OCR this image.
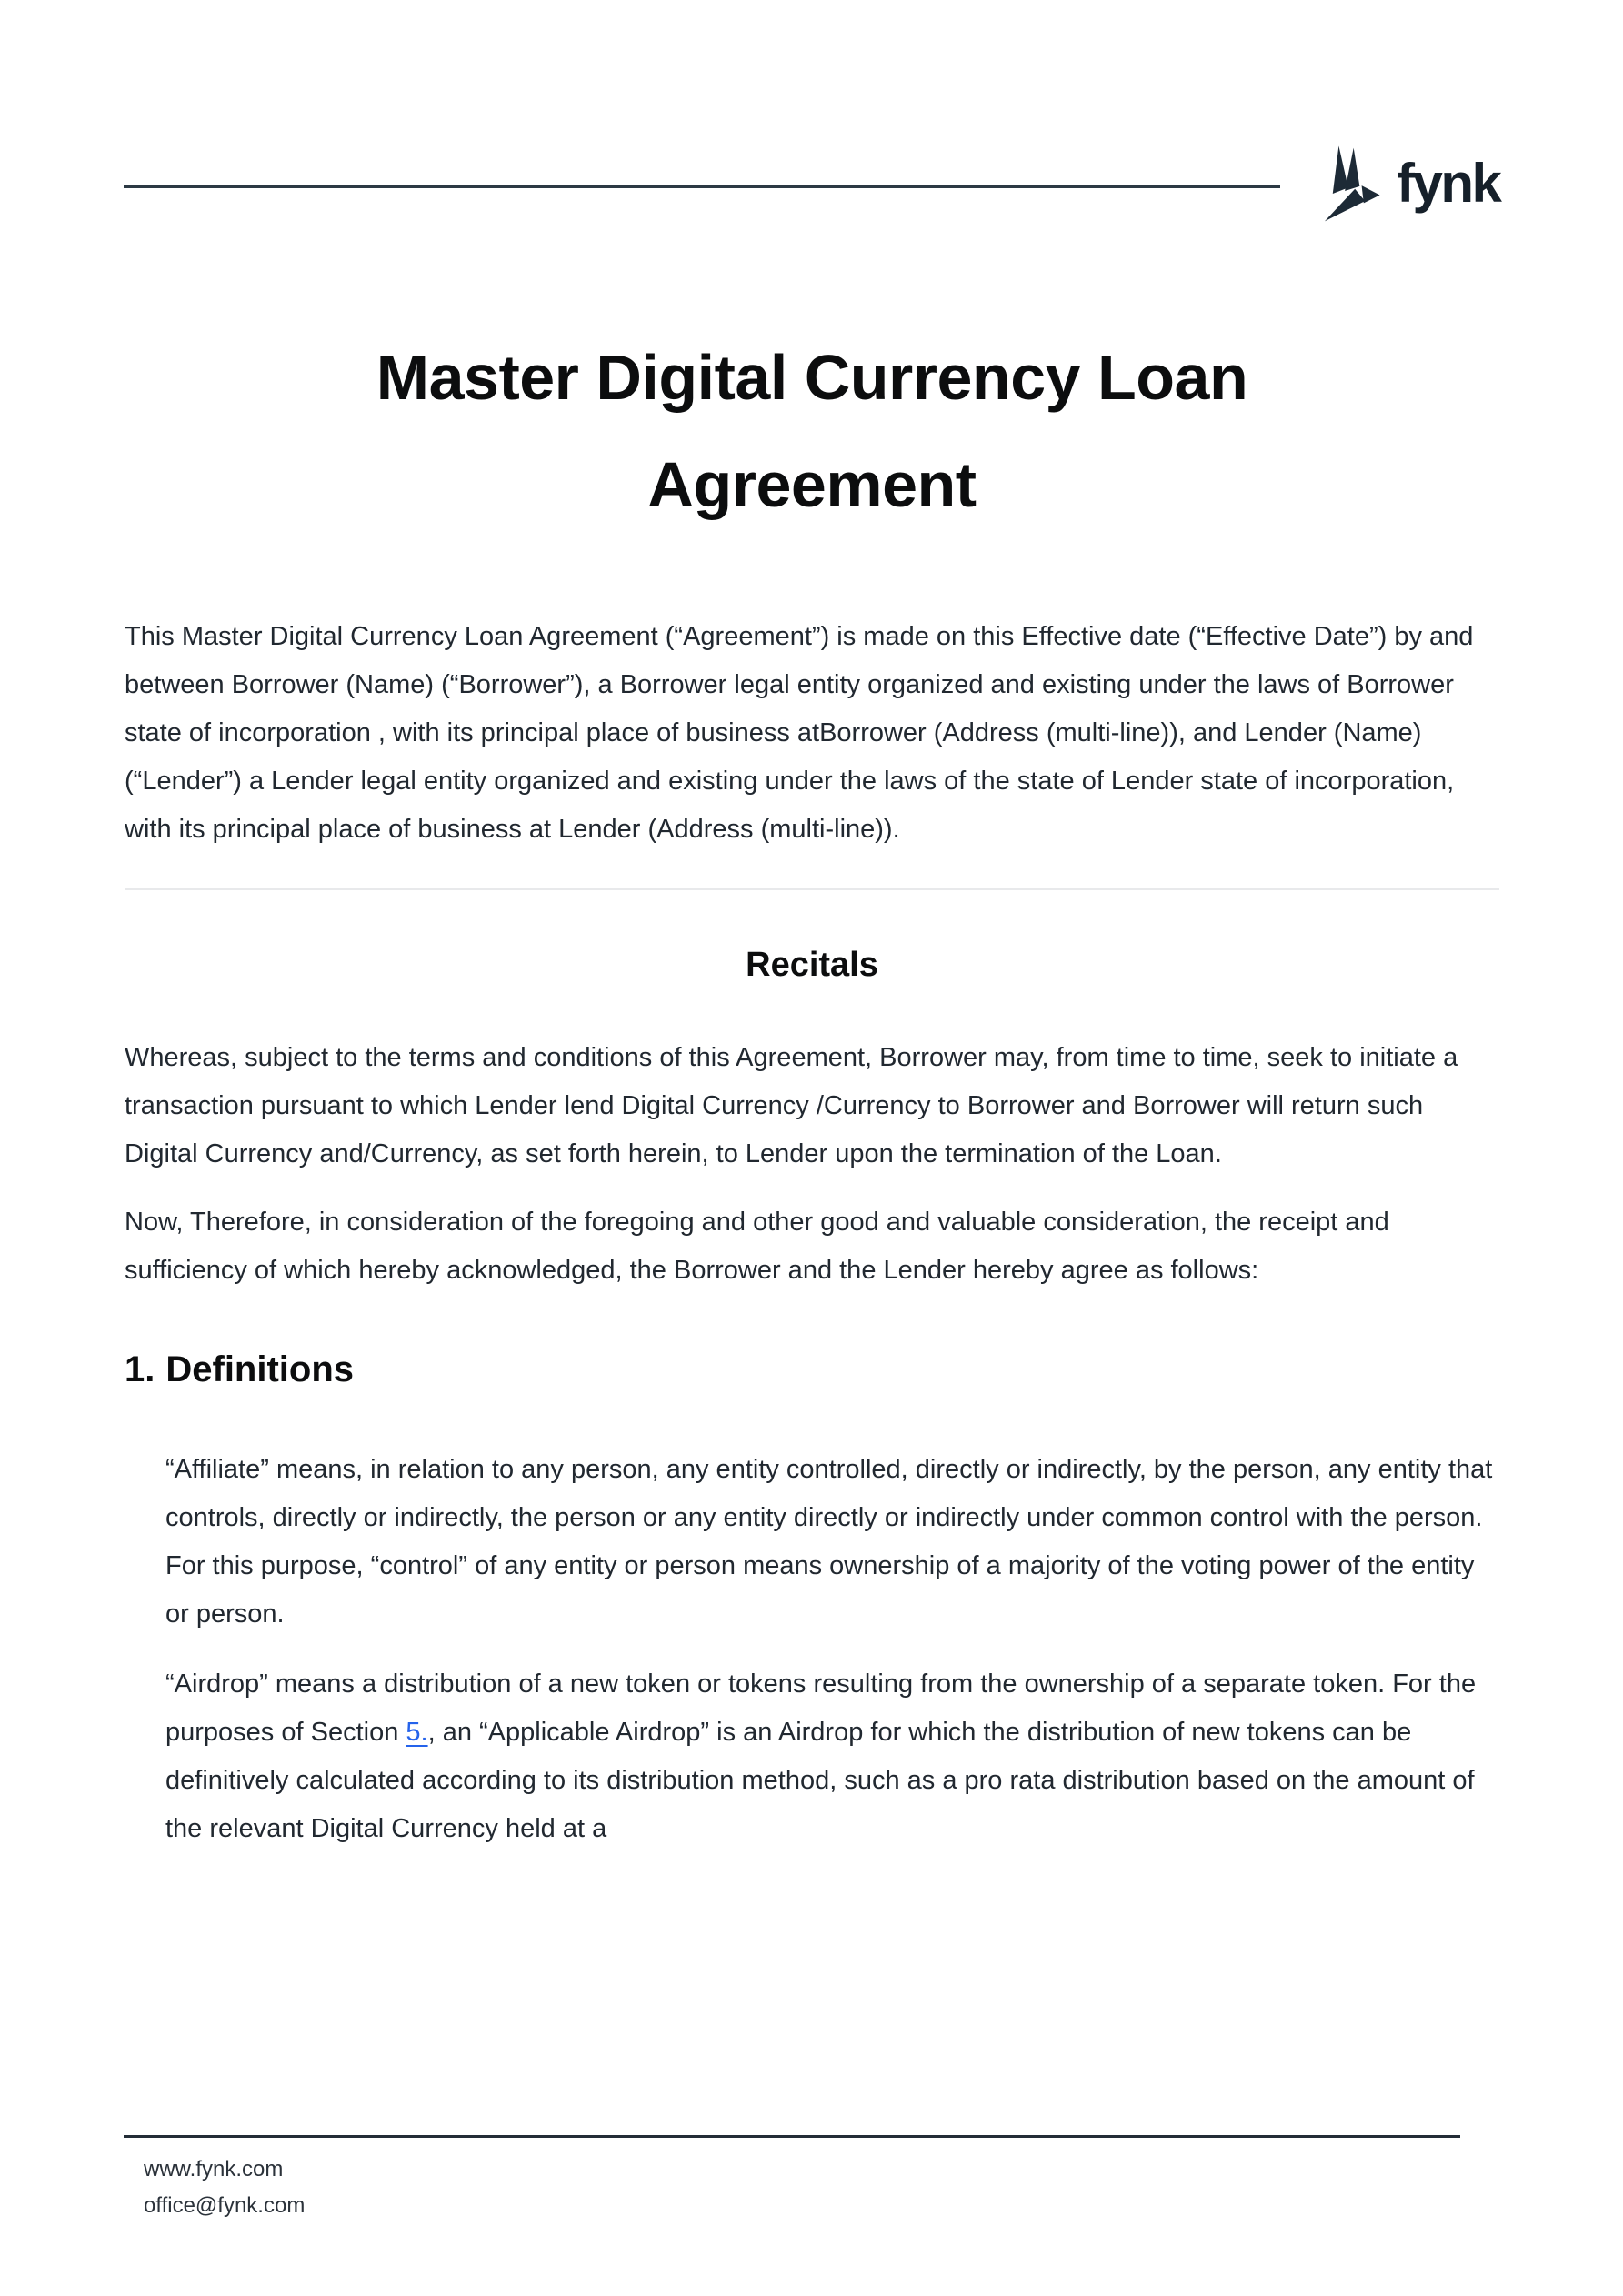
fynk
Master Digital Currency Loan Agreement

This Master Digital Currency Loan Agreement (“Agreement”) is made on this Effective date (“Effective Date”) by and between Borrower (Name) (“Borrower”), a Borrower legal entity organized and existing under the laws of Borrower state of incorporation , with its principal place of business atBorrower (Address (multi-line)), and Lender (Name) (“Lender”) a Lender legal entity organized and existing under the laws of the state of Lender state of incorporation, with its principal place of business at Lender (Address (multi-line)).

Recitals

Whereas, subject to the terms and conditions of this Agreement, Borrower may, from time to time, seek to initiate a transaction pursuant to which Lender lend Digital Currency /Currency to Borrower and Borrower will return such Digital Currency and/Currency, as set forth herein, to Lender upon the termination of the Loan.

Now, Therefore, in consideration of the foregoing and other good and valuable consideration, the receipt and sufficiency of which hereby acknowledged, the Borrower and the Lender hereby agree as follows:

1. Definitions

“Affiliate” means, in relation to any person, any entity controlled, directly or indirectly, by the person, any entity that controls, directly or indirectly, the person or any entity directly or indirectly under common control with the person. For this purpose, “control” of any entity or person means ownership of a majority of the voting power of the entity or person.

“Airdrop” means a distribution of a new token or tokens resulting from the ownership of a separate token. For the purposes of Section 5., an “Applicable Airdrop” is an Airdrop for which the distribution of new tokens can be definitively calculated according to its distribution method, such as a pro rata distribution based on the amount of the relevant Digital Currency held at a

www.fynk.com
office@fynk.com
